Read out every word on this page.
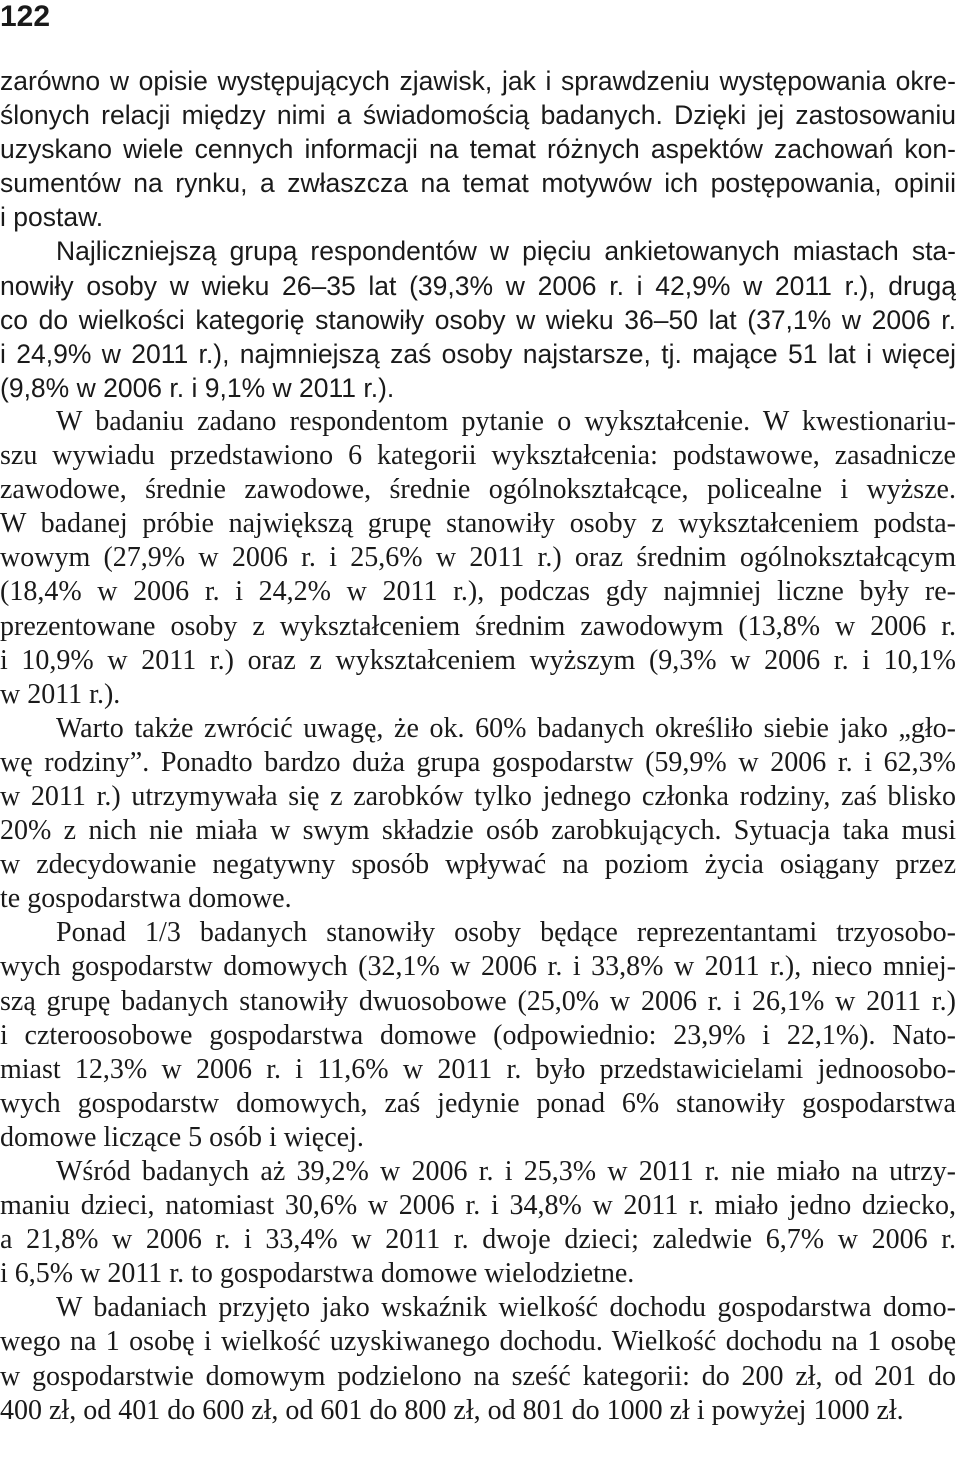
122
zarówno w opisie występujących zjawisk, jak i sprawdzeniu występowania okre-
ślonych relacji między nimi a świadomością badanych. Dzięki jej zastosowaniu
uzyskano wiele cennych informacji na temat różnych aspektów zachowań kon-
sumentów na rynku, a zwłaszcza na temat motywów ich postępowania, opinii
i postaw.
Najliczniejszą grupą respondentów w pięciu ankietowanych miastach sta-
nowiły osoby w wieku 26–35 lat (39,3% w 2006 r. i 42,9% w 2011 r.), drugą
co do wielkości kategorię stanowiły osoby w wieku 36–50 lat (37,1% w 2006 r.
i 24,9% w 2011 r.), najmniejszą zaś osoby najstarsze, tj. mające 51 lat i więcej
(9,8% w 2006 r. i 9,1% w 2011 r.).
W badaniu zadano respondentom pytanie o wykształcenie. W kwestionariu-
szu wywiadu przedstawiono 6 kategorii wykształcenia: podstawowe, zasadnicze
zawodowe, średnie zawodowe, średnie ogólnokształcące, policealne i wyższe.
W badanej próbie największą grupę stanowiły osoby z wykształceniem podsta-
wowym (27,9% w 2006 r. i 25,6% w 2011 r.) oraz średnim ogólnokształcącym
(18,4% w 2006 r. i 24,2% w 2011 r.), podczas gdy najmniej liczne były re-
prezentowane osoby z wykształceniem średnim zawodowym (13,8% w 2006 r.
i 10,9% w 2011 r.) oraz z wykształceniem wyższym (9,3% w 2006 r. i 10,1%
w 2011 r.).
Warto także zwrócić uwagę, że ok. 60% badanych określiło siebie jako „gło-
wę rodziny”. Ponadto bardzo duża grupa gospodarstw (59,9% w 2006 r. i 62,3%
w 2011 r.) utrzymywała się z zarobków tylko jednego członka rodziny, zaś blisko
20% z nich nie miała w swym składzie osób zarobkujących. Sytuacja taka musi
w zdecydowanie negatywny sposób wpływać na poziom życia osiągany przez
te gospodarstwa domowe.
Ponad 1/3 badanych stanowiły osoby będące reprezentantami trzyosobo-
wych gospodarstw domowych (32,1% w 2006 r. i 33,8% w 2011 r.), nieco mniej-
szą grupę badanych stanowiły dwuosobowe (25,0% w 2006 r. i 26,1% w 2011 r.)
i czteroosobowe gospodarstwa domowe (odpowiednio: 23,9% i 22,1%). Nato-
miast 12,3% w 2006 r. i 11,6% w 2011 r. było przedstawicielami jednoosobo-
wych gospodarstw domowych, zaś jedynie ponad 6% stanowiły gospodarstwa
domowe liczące 5 osób i więcej.
Wśród badanych aż 39,2% w 2006 r. i 25,3% w 2011 r. nie miało na utrzy-
maniu dzieci, natomiast 30,6% w 2006 r. i 34,8% w 2011 r. miało jedno dziecko,
a 21,8% w 2006 r. i 33,4% w 2011 r. dwoje dzieci; zaledwie 6,7% w 2006 r.
i 6,5% w 2011 r. to gospodarstwa domowe wielodzietne.
W badaniach przyjęto jako wskaźnik wielkość dochodu gospodarstwa domo-
wego na 1 osobę i wielkość uzyskiwanego dochodu. Wielkość dochodu na 1 osobę
w gospodarstwie domowym podzielono na sześć kategorii: do 200 zł, od 201 do
400 zł, od 401 do 600 zł, od 601 do 800 zł, od 801 do 1000 zł i powyżej 1000 zł.
